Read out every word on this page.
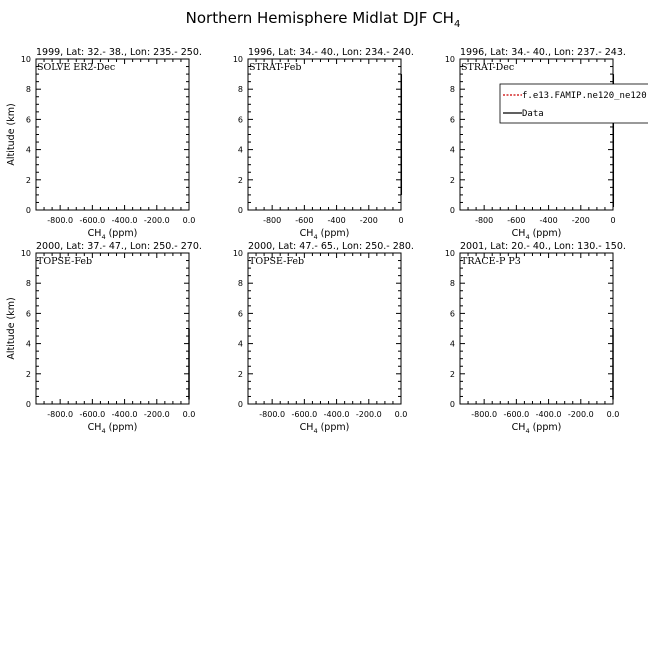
Northern Hemisphere Midlat DJF $CH_4$
1999, Lat: 32.- 38., Lon: 235.- 250.
SOLVE ER2-Dec
0
2
4
6
8
10
-800.0 -600.0 -400.0 -200.0 0.0
$CH_4$ (ppm)
Altitude (km)
1996, Lat: 34.- 40., Lon: 234.- 240.
STRAT-Feb
0
2
4
6
8
10
-800 -600 -400 -200	0
$CH_4$ (ppm)
1996, Lat: 34.- 40., Lon: 237.- 243.
STRAT-Dec
0
2
4
6
8
10
-800 -600 -400 -200	0
$CH_4$ (ppm)
f.e13.FAMIP.ne120_ne120
Data
2000, Lat: 37.- 47., Lon: 250.- 270.
TOPSE-Feb
0
2
4
6
8
10
-800.0 -600.0 -400.0 -200.0 0.0
$CH_4$ (ppm)
Altitude (km)
2000, Lat: 47.- 65., Lon: 250.- 280.
TOPSE-Feb
0
2
4
6
8
10
-800.0 -600.0 -400.0 -200.0 0.0
$CH_4$ (ppm)
2001, Lat: 20.- 40., Lon: 130.- 150.
TRACE-P P3
0
2
4
6
8
10
-800.0 -600.0 -400.0 -200.0 0.0
$CH_4$ (ppm)
